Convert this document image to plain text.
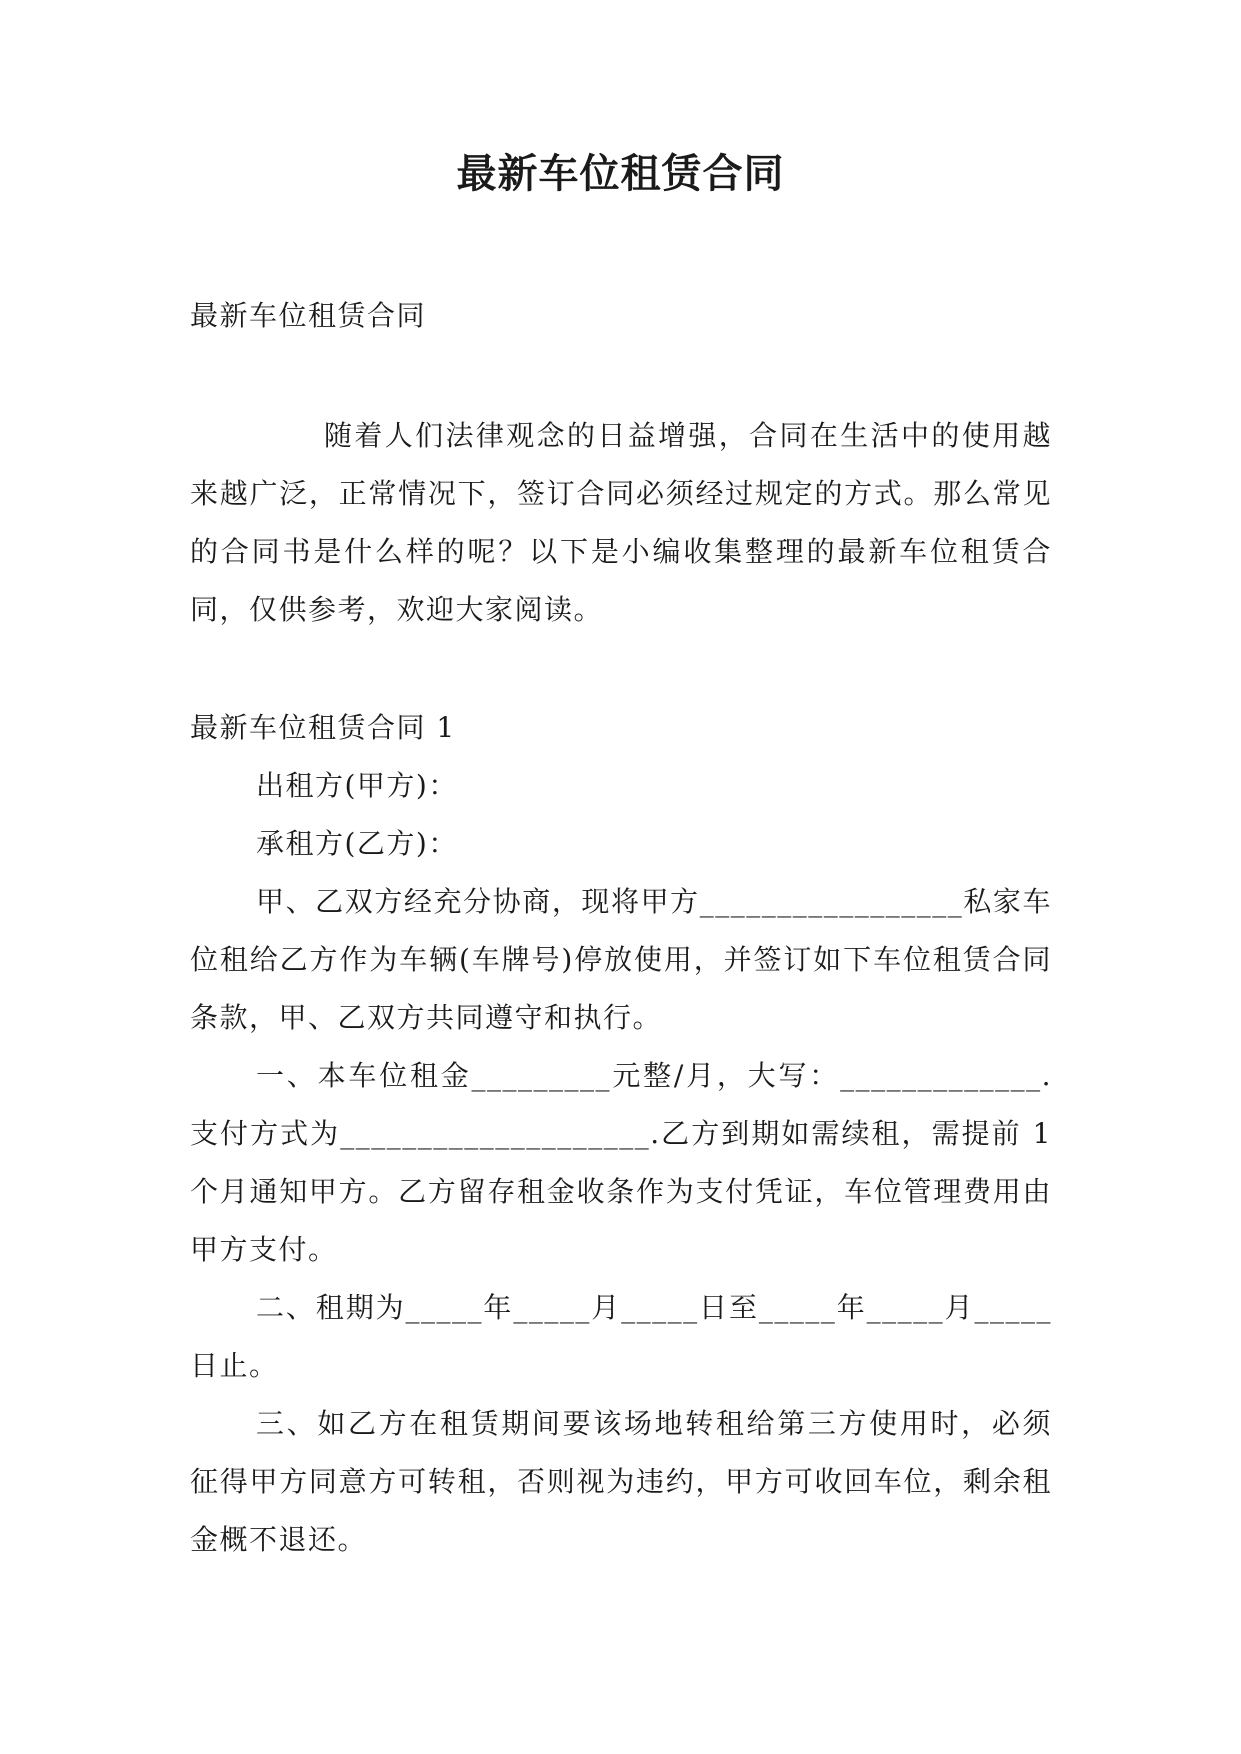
最新车位租赁合同

最新车位租赁合同

随着人们法律观念的日益增强，合同在生活中的使用越来越广泛，正常情况下，签订合同必须经过规定的方式。那么常见的合同书是什么样的呢？以下是小编收集整理的最新车位租赁合同，仅供参考，欢迎大家阅读。

最新车位租赁合同 1

出租方(甲方)：

承租方(乙方)：

甲、乙双方经充分协商，现将甲方_________________私家车位租给乙方作为车辆(车牌号)停放使用，并签订如下车位租赁合同条款，甲、乙双方共同遵守和执行。

一、本车位租金_________元整/月，大写：_____________.支付方式为____________________.乙方到期如需续租，需提前 1 个月通知甲方。乙方留存租金收条作为支付凭证，车位管理费用由甲方支付。

二、租期为_____年_____月_____日至_____年_____月_____日止。

三、如乙方在租赁期间要该场地转租给第三方使用时，必须征得甲方同意方可转租，否则视为违约，甲方可收回车位，剩余租金概不退还。
